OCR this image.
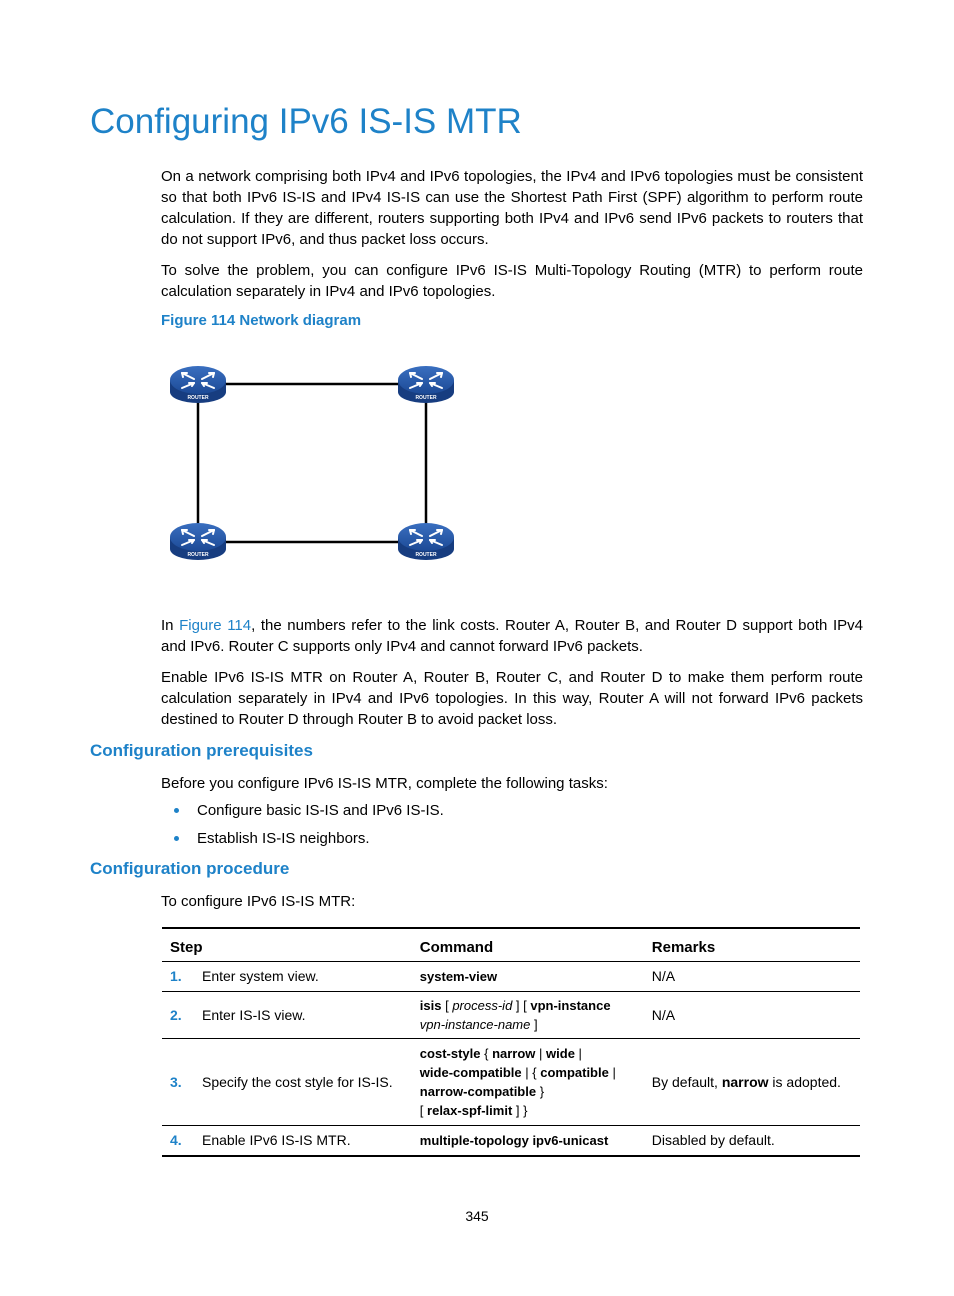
Configuring IPv6 IS-IS MTR

On a network comprising both IPv4 and IPv6 topologies, the IPv4 and IPv6 topologies must be consistent so that both IPv6 IS-IS and IPv4 IS-IS can use the Shortest Path First (SPF) algorithm to perform route calculation. If they are different, routers supporting both IPv4 and IPv6 send IPv6 packets to routers that do not support IPv6, and thus packet loss occurs.

To solve the problem, you can configure IPv6 IS-IS Multi-Topology Routing (MTR) to perform route calculation separately in IPv4 and IPv6 topologies.

Figure 114 Network diagram

ROUTER	ROUTER
ROUTER	ROUTER

In Figure 114, the numbers refer to the link costs. Router A, Router B, and Router D support both IPv4 and IPv6. Router C supports only IPv4 and cannot forward IPv6 packets.

Enable IPv6 IS-IS MTR on Router A, Router B, Router C, and Router D to make them perform route calculation separately in IPv4 and IPv6 topologies. In this way, Router A will not forward IPv6 packets destined to Router D through Router B to avoid packet loss.

Configuration prerequisites

Before you configure IPv6 IS-IS MTR, complete the following tasks:

Configure basic IS-IS and IPv6 IS-IS.
Establish IS-IS neighbors.
Configuration procedure

To configure IPv6 IS-IS MTR:

Step		Command	Remarks
1.	Enter system view.	system-view	N/A
2.	Enter IS-IS view.	isis [ process-id ] [ vpn-instance
vpn-instance-name ]	N/A
3.	Specify the cost style for IS-IS.	cost-style { narrow | wide |
wide-compatible | { compatible |
narrow-compatible }
[ relax-spf-limit ] }	By default, narrow is adopted.
4.	Enable IPv6 IS-IS MTR.	multiple-topology ipv6-unicast	Disabled by default.
345
